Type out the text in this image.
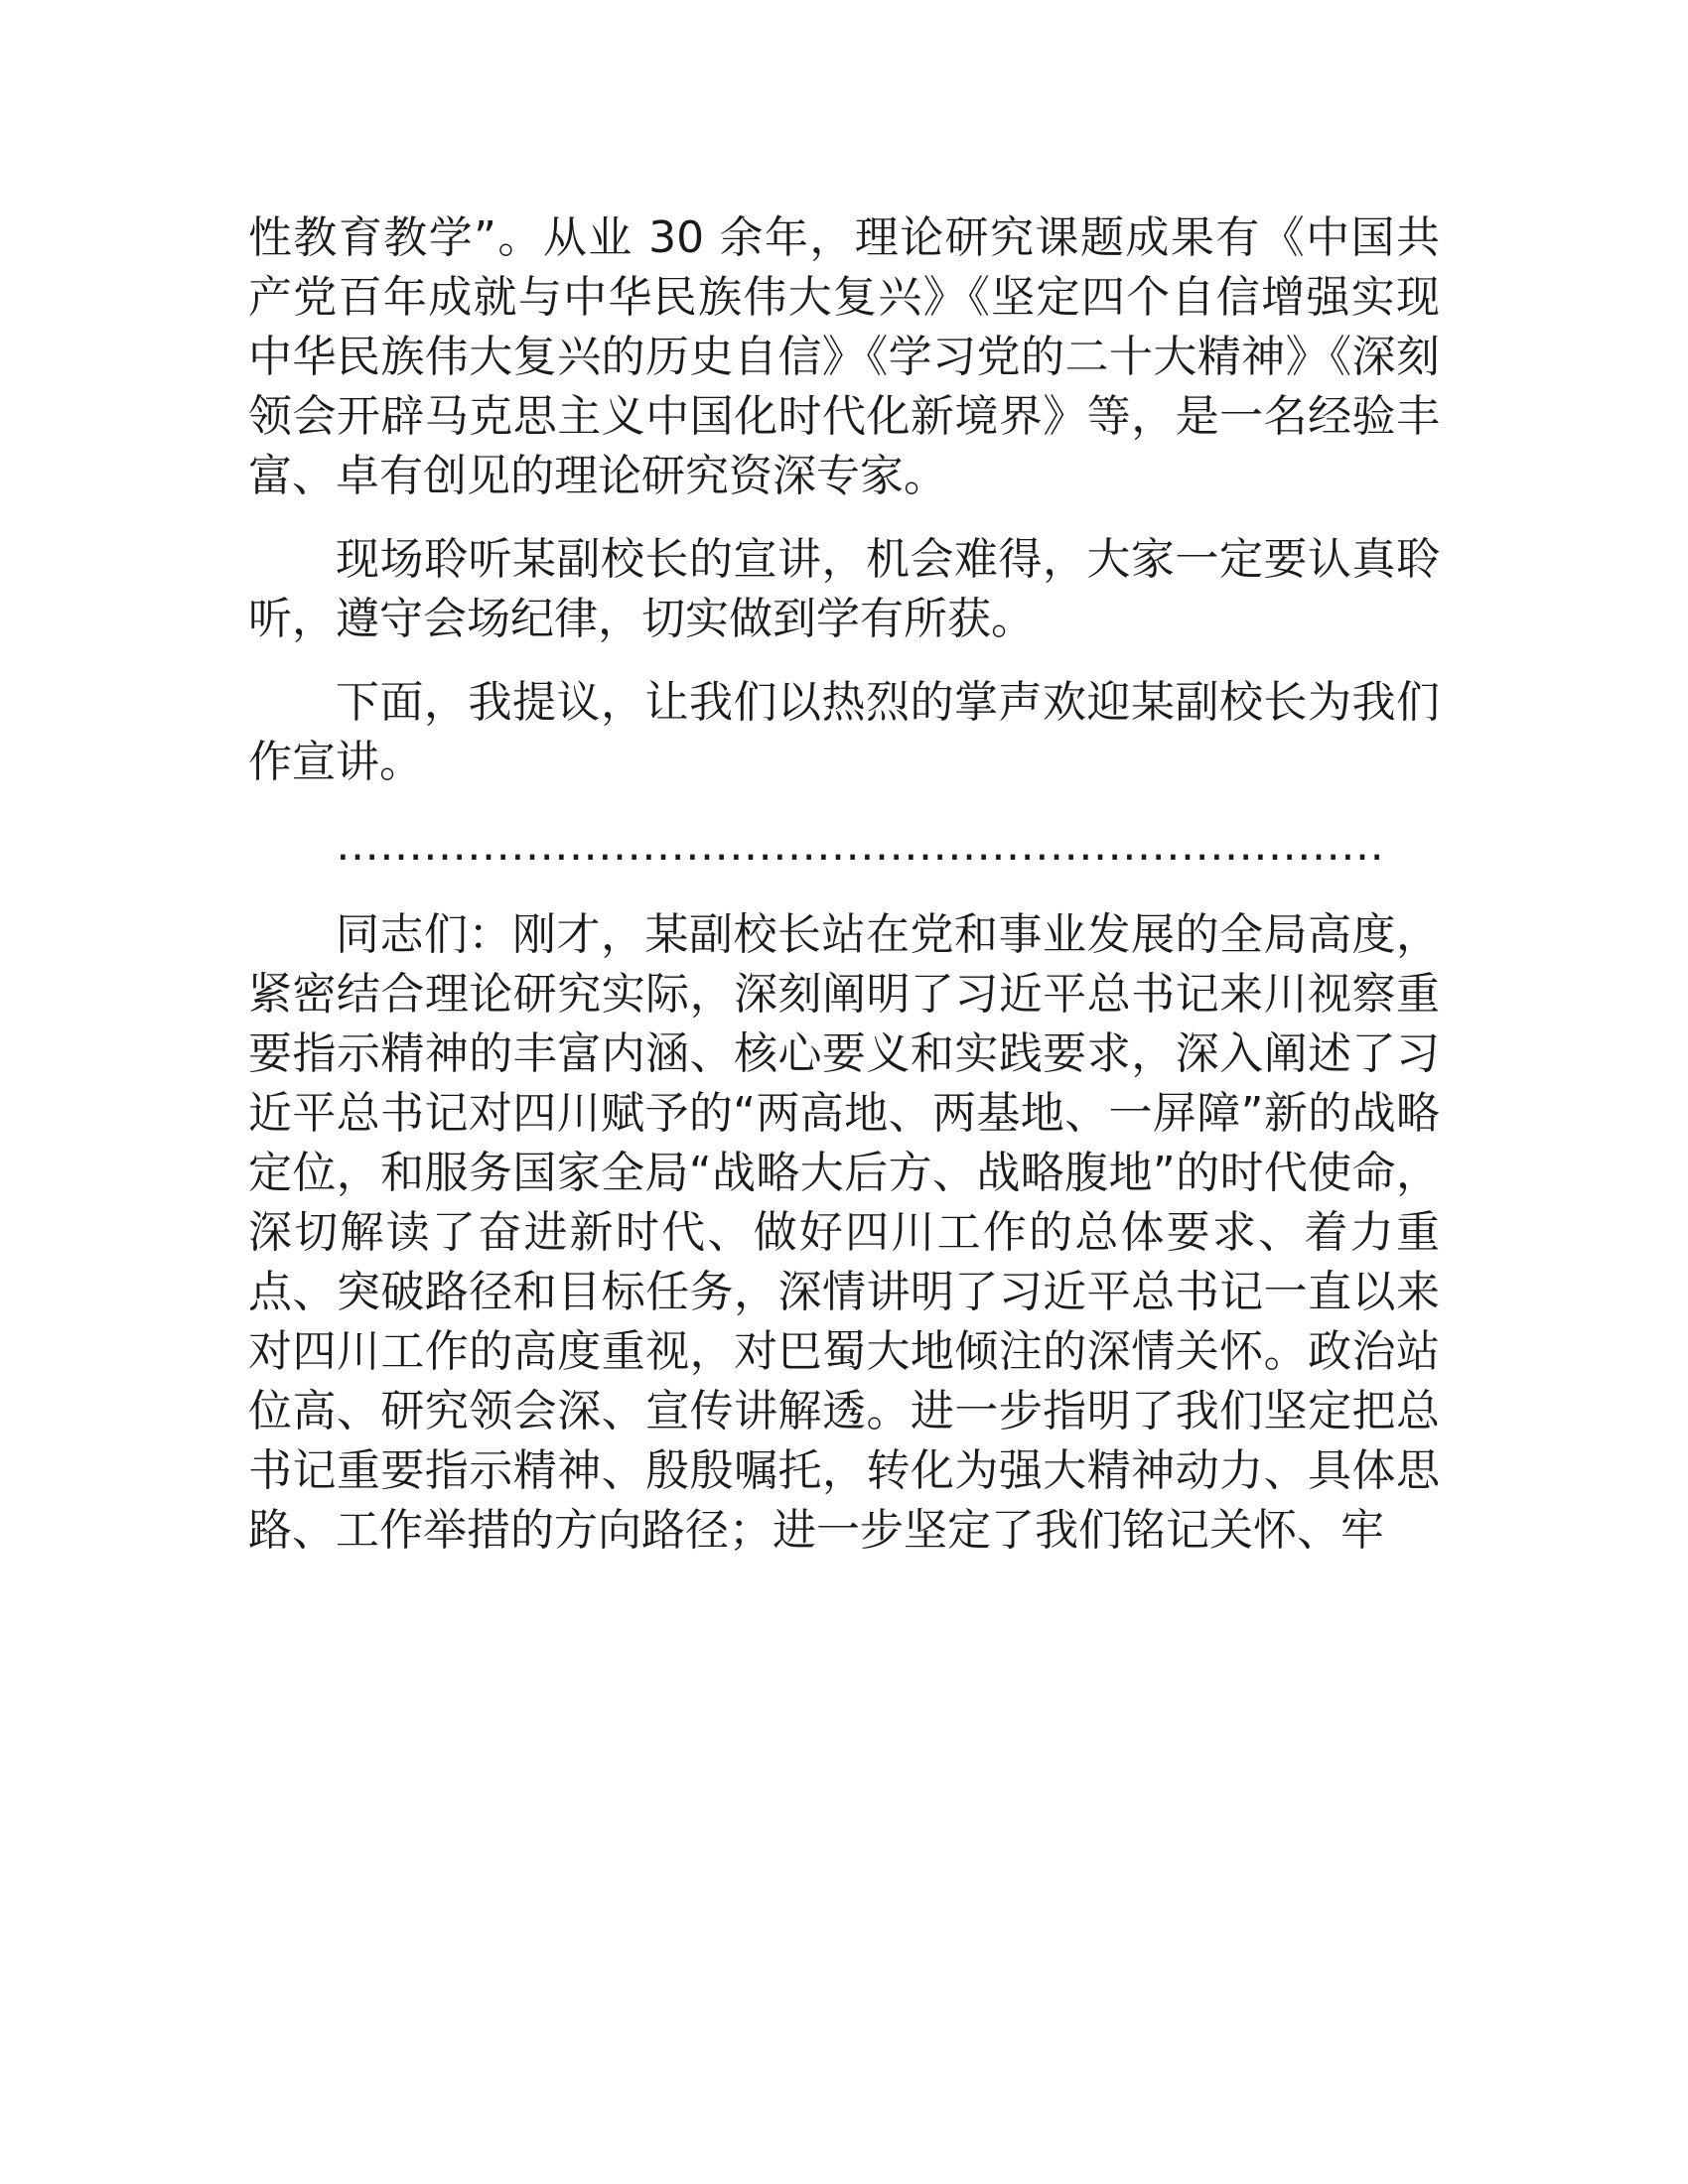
性教育教学”。从业 30 余年，理论研究课题成果有《中国共产党百年成就与中华民族伟大复兴》《坚定四个自信增强实现中华民族伟大复兴的历史自信》《学习党的二十大精神》《深刻领会开辟马克思主义中国化时代化新境界》等，是一名经验丰富、卓有创见的理论研究资深专家。

现场聆听某副校长的宣讲，机会难得，大家一定要认真聆听，遵守会场纪律，切实做到学有所获。

下面，我提议，让我们以热烈的掌声欢迎某副校长为我们作宣讲。

………………………………………………………………

同志们：刚才，某副校长站在党和事业发展的全局高度，紧密结合理论研究实际，深刻阐明了习近平总书记来川视察重要指示精神的丰富内涵、核心要义和实践要求，深入阐述了习近平总书记对四川赋予的“两高地、两基地、一屏障”新的战略定位，和服务国家全局“战略大后方、战略腹地”的时代使命，深切解读了奋进新时代、做好四川工作的总体要求、着力重点、突破路径和目标任务，深情讲明了习近平总书记一直以来对四川工作的高度重视，对巴蜀大地倾注的深情关怀。政治站位高、研究领会深、宣传讲解透。进一步指明了我们坚定把总书记重要指示精神、殷殷嘱托，转化为强大精神动力、具体思路、工作举措的方向路径；进一步坚定了我们铭记关怀、牢
